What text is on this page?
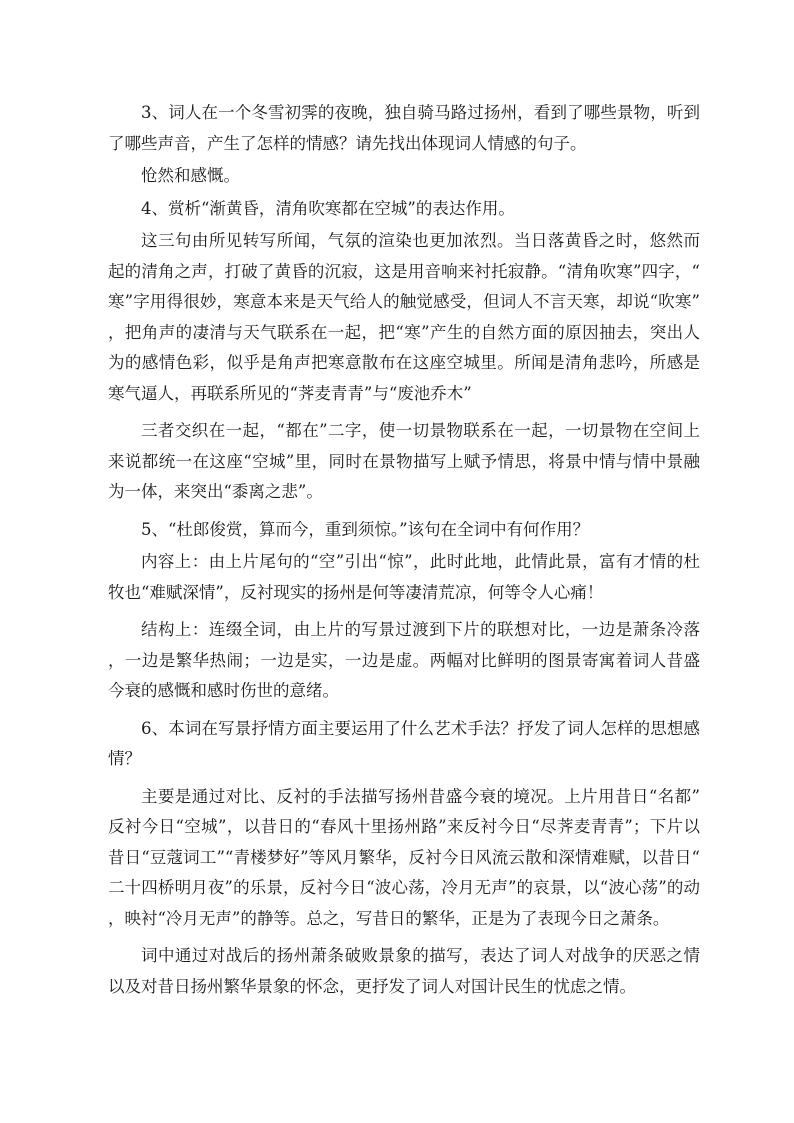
3、词人在一个冬雪初霁的夜晚，独自骑马路过扬州，看到了哪些景物，听到了哪些声音，产生了怎样的情感？请先找出体现词人情感的句子。

怆然和感慨。

4、赏析“渐黄昏，清角吹寒都在空城”的表达作用。

这三句由所见转写所闻，气氛的渲染也更加浓烈。当日落黄昏之时，悠然而起的清角之声，打破了黄昏的沉寂，这是用音响来衬托寂静。“清角吹寒”四字，“寒”字用得很妙，寒意本来是天气给人的触觉感受，但词人不言天寒，却说“吹寒”，把角声的凄清与天气联系在一起，把“寒”产生的自然方面的原因抽去，突出人为的感情色彩，似乎是角声把寒意散布在这座空城里。所闻是清角悲吟，所感是寒气逼人，再联系所见的“荠麦青青”与“废池乔木”

三者交织在一起，“都在”二字，使一切景物联系在一起，一切景物在空间上来说都统一在这座“空城”里，同时在景物描写上赋予情思，将景中情与情中景融为一体，来突出“黍离之悲”。

5、“杜郎俊赏，算而今，重到须惊。”该句在全词中有何作用？

内容上：由上片尾句的“空”引出“惊”，此时此地，此情此景，富有才情的杜牧也“难赋深情”，反衬现实的扬州是何等凄清荒凉，何等令人心痛！

结构上：连缀全词，由上片的写景过渡到下片的联想对比，一边是萧条冷落，一边是繁华热闹；一边是实，一边是虚。两幅对比鲜明的图景寄寓着词人昔盛今衰的感慨和感时伤世的意绪。

6、本词在写景抒情方面主要运用了什么艺术手法？抒发了词人怎样的思想感情？

主要是通过对比、反衬的手法描写扬州昔盛今衰的境况。上片用昔日“名都”反衬今日“空城”，以昔日的“春风十里扬州路”来反衬今日“尽荠麦青青”；下片以昔日“豆蔻词工”“青楼梦好”等风月繁华，反衬今日风流云散和深情难赋，以昔日“二十四桥明月夜”的乐景，反衬今日“波心荡，冷月无声”的哀景，以“波心荡”的动，映衬“冷月无声”的静等。总之，写昔日的繁华，正是为了表现今日之萧条。

词中通过对战后的扬州萧条破败景象的描写，表达了词人对战争的厌恶之情以及对昔日扬州繁华景象的怀念，更抒发了词人对国计民生的忧虑之情。
